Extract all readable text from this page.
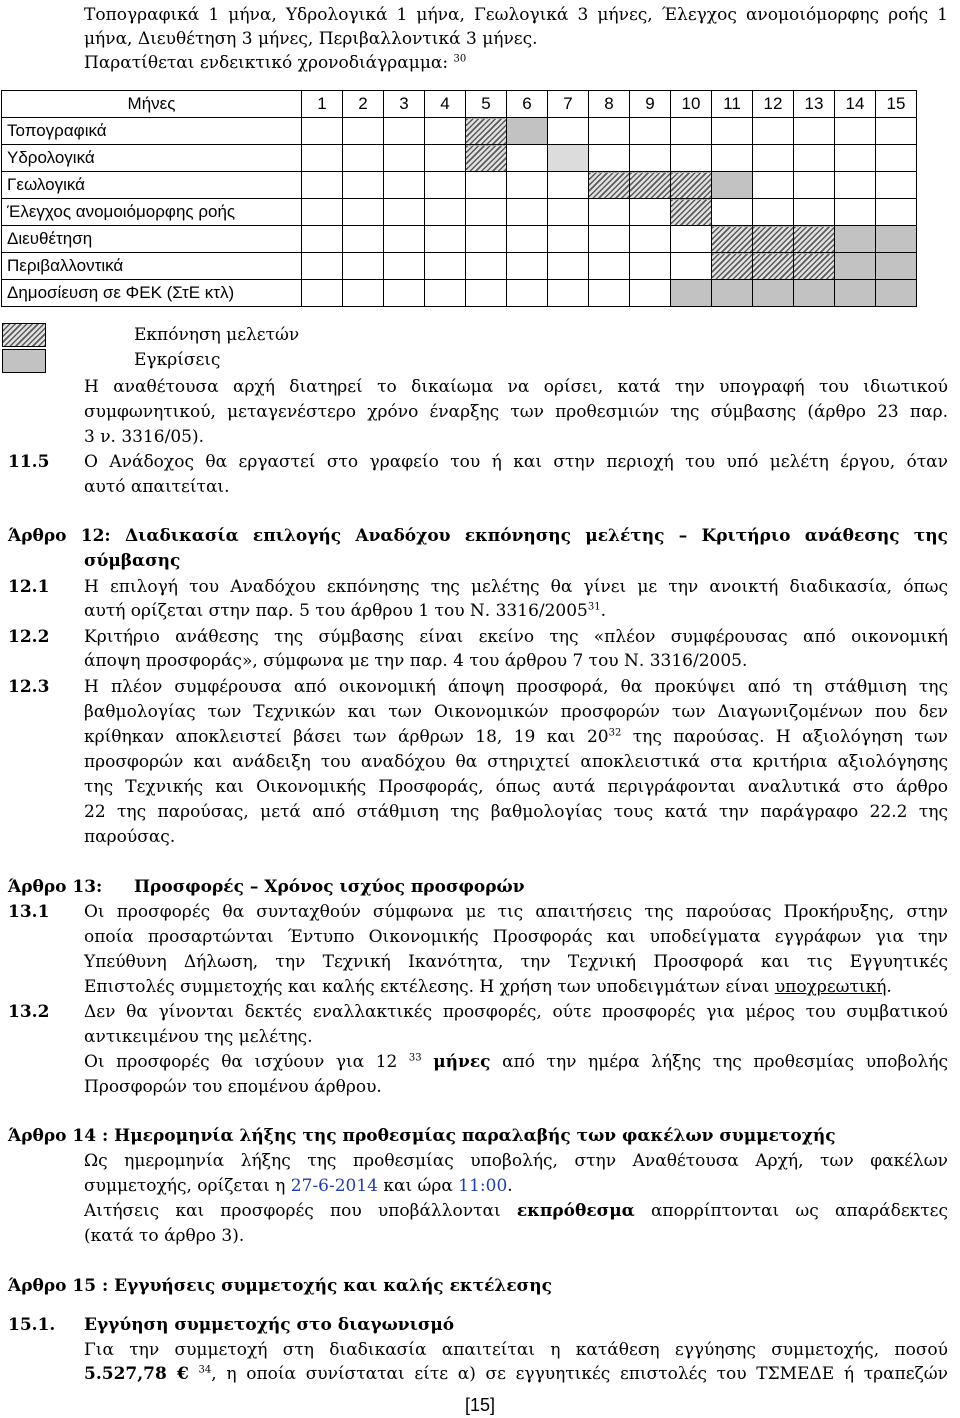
Τοπογραφικά 1 μήνα, Υδρολογικά 1 μήνα, Γεωλογικά 3 μήνες, Έλεγχος ανομοιόμορφης ροής 1
μήνα, Διευθέτηση 3 μήνες, Περιβαλλοντικά 3 μήνες.
Παρατίθεται ενδεικτικό χρονοδιάγραμμα: $^{30}$
Μήνες	1	2	3	4	5	6	7	8	9	10	11	12	13	14	15
Τοπογραφικά															
Υδρολογικά															
Γεωλογικά															
Έλεγχος ανομοιόμορφης ροής															
Διευθέτηση															
Περιβαλλοντικά															
Δημοσίευση σε ΦΕΚ (ΣτΕ κτλ)															
Εκπόνηση μελετών
Εγκρίσεις
Η αναθέτουσα αρχή διατηρεί το δικαίωμα να ορίσει, κατά την υπογραφή του ιδιωτικού
συμφωνητικού, μεταγενέστερο χρόνο έναρξης των προθεσμιών της σύμβασης (άρθρο 23 παρ.
3 ν. 3316/05).
11.5 Ο Ανάδοχος θα εργαστεί στο γραφείο του ή και στην περιοχή του υπό μελέτη έργου, όταν
αυτό απαιτείται.
Άρθρο 12: Διαδικασία επιλογής Αναδόχου εκπόνησης μελέτης – Κριτήριο ανάθεσης της
σύμβασης
12.1 Η επιλογή του Αναδόχου εκπόνησης της μελέτης θα γίνει με την ανοικτή διαδικασία, όπως
αυτή ορίζεται στην παρ. 5 του άρθρου 1 του Ν. 3316/2005$^{31}$.
12.2 Κριτήριο ανάθεσης της σύμβασης είναι εκείνο της «πλέον συμφέρουσας από οικονομική
άποψη προσφοράς», σύμφωνα με την παρ. 4 του άρθρου 7 του Ν. 3316/2005.
12.3 Η πλέον συμφέρουσα από οικονομική άποψη προσφορά, θα προκύψει από τη στάθμιση της
βαθμολογίας των Τεχνικών και των Οικονομικών προσφορών των Διαγωνιζομένων που δεν
κρίθηκαν αποκλειστεί βάσει των άρθρων 18, 19 και $20^{32}$ της παρούσας. Η αξιολόγηση των
προσφορών και ανάδειξη του αναδόχου θα στηριχτεί αποκλειστικά στα κριτήρια αξιολόγησης
της Τεχνικής και Οικονομικής Προσφοράς, όπως αυτά περιγράφονται αναλυτικά στο άρθρο
22 της παρούσας, μετά από στάθμιση της βαθμολογίας τους κατά την παράγραφο 22.2 της
παρούσας.
Άρθρο 13: Προσφορές – Χρόνος ισχύος προσφορών
13.1 Οι προσφορές θα συνταχθούν σύμφωνα με τις απαιτήσεις της παρούσας Προκήρυξης, στην
οποία προσαρτώνται Έντυπο Οικονομικής Προσφοράς και υποδείγματα εγγράφων για την
Υπεύθυνη Δήλωση, την Τεχνική Ικανότητα, την Τεχνική Προσφορά και τις Εγγυητικές
Επιστολές συμμετοχής και καλής εκτέλεσης. Η χρήση των υποδειγμάτων είναι υποχρεωτική.
13.2 Δεν θα γίνονται δεκτές εναλλακτικές προσφορές, ούτε προσφορές για μέρος του συμβατικού
αντικειμένου της μελέτης.
Οι προσφορές θα ισχύουν για 12 $^{33}$ μήνες από την ημέρα λήξης της προθεσμίας υποβολής
Προσφορών του επομένου άρθρου.
Άρθρο 14 : Ημερομηνία λήξης της προθεσμίας παραλαβής των φακέλων συμμετοχής
Ως ημερομηνία λήξης της προθεσμίας υποβολής, στην Αναθέτουσα Αρχή, των φακέλων
συμμετοχής, ορίζεται η 27-6-2014 και ώρα 11:00.
Αιτήσεις και προσφορές που υποβάλλονται εκπρόθεσμα απορρίπτονται ως απαράδεκτες
(κατά το άρθρο 3).
Άρθρο 15 : Εγγυήσεις συμμετοχής και καλής εκτέλεσης
15.1. Εγγύηση συμμετοχής στο διαγωνισμό
Για την συμμετοχή στη διαδικασία απαιτείται η κατάθεση εγγύησης συμμετοχής, ποσού
5.527,78 € $^{34}$, η οποία συνίσταται είτε α) σε εγγυητικές επιστολές του ΤΣΜΕΔΕ ή τραπεζών
[15]
